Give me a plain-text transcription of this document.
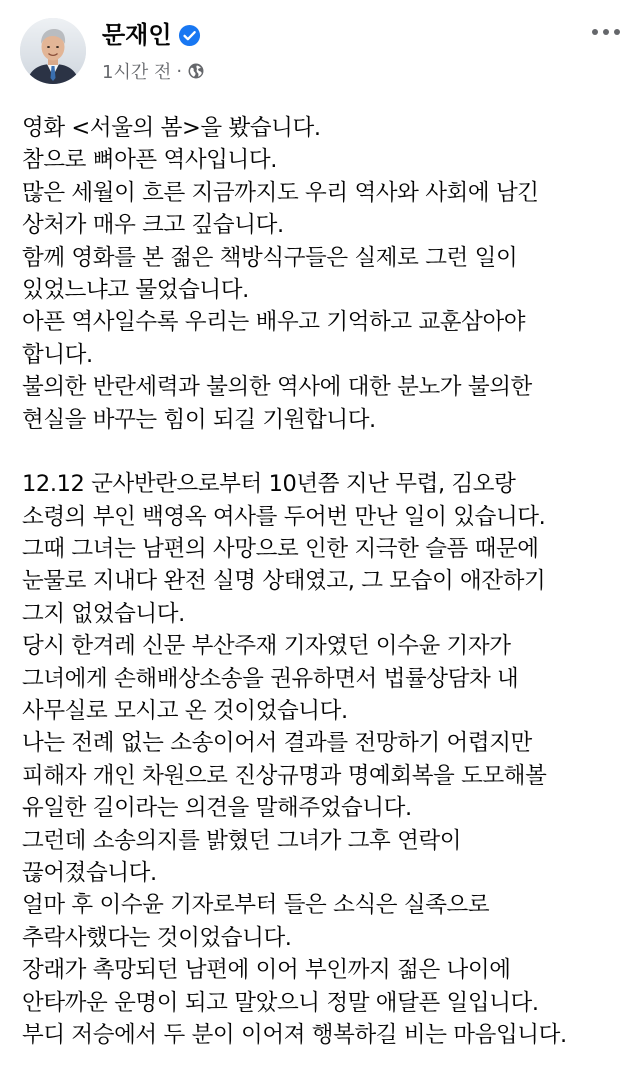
문재인
1시간 전 ·
영화 <서울의 봄>을 봤습니다.
참으로 뼈아픈 역사입니다.
많은 세월이 흐른 지금까지도 우리 역사와 사회에 남긴
상처가 매우 크고 깊습니다.
함께 영화를 본 젊은 책방식구들은 실제로 그런 일이
있었느냐고 물었습니다.
아픈 역사일수록 우리는 배우고 기억하고 교훈삼아야
합니다.
불의한 반란세력과 불의한 역사에 대한 분노가 불의한
현실을 바꾸는 힘이 되길 기원합니다.
12.12 군사반란으로부터 10년쯤 지난 무렵, 김오랑
소령의 부인 백영옥 여사를 두어번 만난 일이 있습니다.
그때 그녀는 남편의 사망으로 인한 지극한 슬픔 때문에
눈물로 지내다 완전 실명 상태였고, 그 모습이 애잔하기
그지 없었습니다.
당시 한겨레 신문 부산주재 기자였던 이수윤 기자가
그녀에게 손해배상소송을 권유하면서 법률상담차 내
사무실로 모시고 온 것이었습니다.
나는 전례 없는 소송이어서 결과를 전망하기 어렵지만
피해자 개인 차원으로 진상규명과 명예회복을 도모해볼
유일한 길이라는 의견을 말해주었습니다.
그런데 소송의지를 밝혔던 그녀가 그후 연락이
끊어졌습니다.
얼마 후 이수윤 기자로부터 들은 소식은 실족으로
추락사했다는 것이었습니다.
장래가 촉망되던 남편에 이어 부인까지 젊은 나이에
안타까운 운명이 되고 말았으니 정말 애달픈 일입니다.
부디 저승에서 두 분이 이어져 행복하길 비는 마음입니다.
